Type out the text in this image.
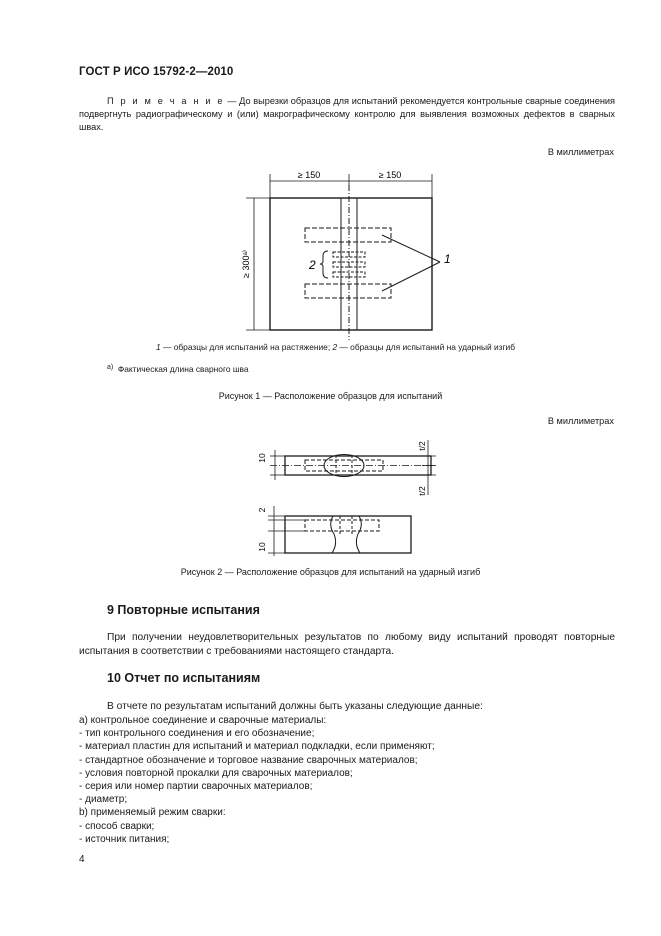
ГОСТ Р ИСО 15792-2—2010
П р и м е ч а н и е — До вырезки образцов для испытаний рекомендуется контрольные сварные соединения подвергнуть радиографическому и (или) макрографическому контролю для выявления возможных дефектов в сварных швах.
В миллиметрах
≥ 150	≥ 150
≥ 300ᵃ⁾	1
2
10
t/2
t/2
2
10
1 — образцы для испытаний на растяжение; 2 — образцы для испытаний на ударный изгиб
$^{а)}$ Фактическая длина сварного шва
Рисунок 1 — Расположение образцов для испытаний
В миллиметрах
Рисунок 2 — Расположение образцов для испытаний на ударный изгиб
9 Повторные испытания
При получении неудовлетворительных результатов по любому виду испытаний проводят повторные испытания в соответствии с требованиями настоящего стандарта.
10 Отчет по испытаниям
В отчете по результатам испытаний должны быть указаны следующие данные:
a) контрольное соединение и сварочные материалы:
- тип контрольного соединения и его обозначение;
- материал пластин для испытаний и материал подкладки, если применяют;
- стандартное обозначение и торговое название сварочных материалов;
- условия повторной прокалки для сварочных материалов;
- серия или номер партии сварочных материалов;
- диаметр;
b) применяемый режим сварки:
- способ сварки;
- источник питания;
4
